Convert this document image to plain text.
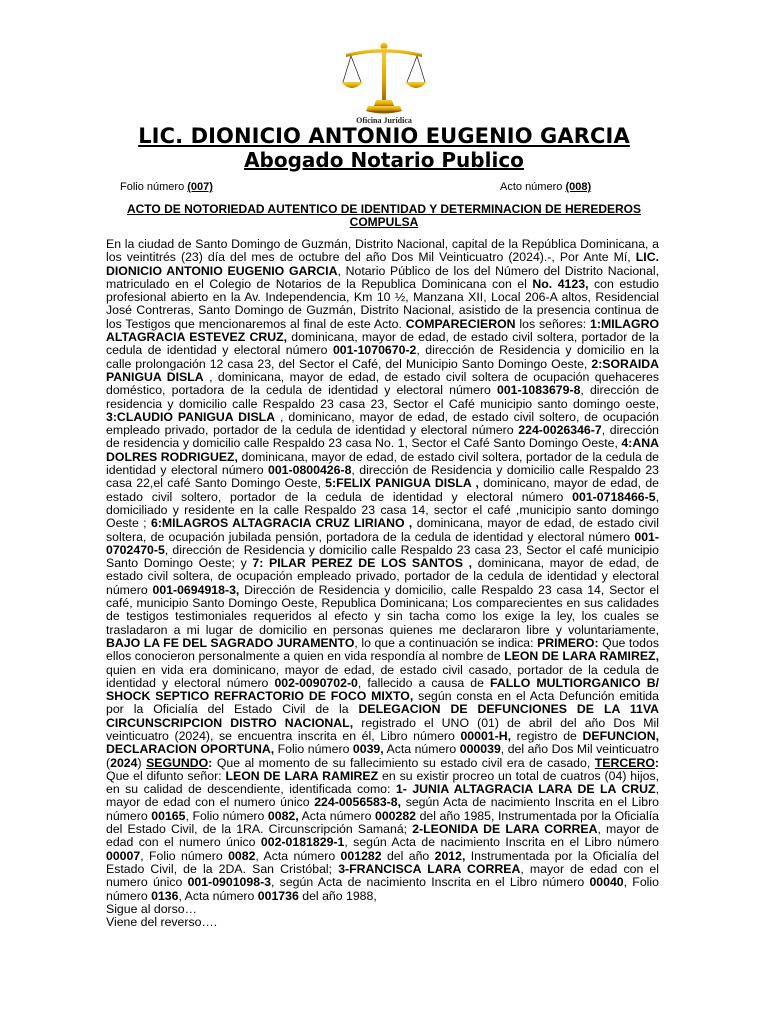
Oficina Jurídica
LIC. DIONICIO ANTONIO EUGENIO GARCIA
Abogado Notario Publico
Folio número (007)	Acto número (008)
ACTO DE NOTORIEDAD AUTENTICO DE IDENTIDAD Y DETERMINACION DE HEREDEROS COMPULSA
En la ciudad de Santo Domingo de Guzmán, Distrito Nacional, capital de la República Dominicana, a los veintitrés (23) día del mes de octubre del año Dos Mil Veinticuatro (2024).-, Por Ante Mí, LIC. DIONICIO ANTONIO EUGENIO GARCIA, Notario Público de los del Número del Distrito Nacional, matriculado en el Colegio de Notarios de la Republica Dominicana con el No. 4123, con estudio profesional abierto en la Av. Independencia, Km 10 ½, Manzana XII, Local 206-A altos, Residencial José Contreras, Santo Domingo de Guzmán, Distrito Nacional, asistido de la presencia continua de los Testigos que mencionaremos al final de este Acto. COMPARECIERON los señores: 1:MILAGRO ALTAGRACIA ESTEVEZ CRUZ, dominicana, mayor de edad, de estado civil soltera, portador de la cedula de identidad y electoral número 001-1070670-2, dirección de Residencia y domicilio en la calle prolongación 12 casa 23, del Sector el Café, del Municipio Santo Domingo Oeste, 2:SORAIDA PANIGUA DISLA , dominicana, mayor de edad, de estado civil soltera de ocupación quehaceres doméstico, portadora de la cedula de identidad y electoral número 001-1083679-8, dirección de residencia y domicilio calle Respaldo 23 casa 23, Sector el Café municipio santo domingo oeste, 3:CLAUDIO PANIGUA DISLA , dominicano, mayor de edad, de estado civil soltero, de ocupación empleado privado, portador de la cedula de identidad y electoral número 224-0026346-7, dirección de residencia y domicilio calle Respaldo 23 casa No. 1, Sector el Café Santo Domingo Oeste, 4:ANA DOLRES RODRIGUEZ, dominicana, mayor de edad, de estado civil soltera, portador de la cedula de identidad y electoral número 001-0800426-8, dirección de Residencia y domicilio calle Respaldo 23 casa 22,el café Santo Domingo Oeste, 5:FELIX PANIGUA DISLA , dominicano, mayor de edad, de estado civil soltero, portador de la cedula de identidad y electoral número 001-0718466-5, domiciliado y residente en la calle Respaldo 23 casa 14, sector el café ,municipio santo domingo Oeste ; 6:MILAGROS ALTAGRACIA CRUZ LIRIANO , dominicana, mayor de edad, de estado civil soltera, de ocupación jubilada pensión, portadora de la cedula de identidad y electoral número 001-0702470-5, dirección de Residencia y domicilio calle Respaldo 23 casa 23, Sector el café municipio Santo Domingo Oeste; y 7: PILAR PEREZ DE LOS SANTOS , dominicana, mayor de edad, de estado civil soltera, de ocupación empleado privado, portador de la cedula de identidad y electoral número 001-0694918-3, Dirección de Residencia y domicilio, calle Respaldo 23 casa 14, Sector el café, municipio Santo Domingo Oeste, Republica Dominicana; Los comparecientes en sus calidades de testigos testimoniales requeridos al efecto y sin tacha como los exige la ley, los cuales se trasladaron a mi lugar de domicilio en personas quienes me declararon libre y voluntariamente, BAJO LA FE DEL SAGRADO JURAMENTO, lo que a continuación se indica: PRIMERO: Que todos ellos conocieron personalmente a quien en vida respondía al nombre de LEON DE LARA RAMIREZ, quien en vida era dominicano, mayor de edad, de estado civil casado, portador de la cedula de identidad y electoral número 002-0090702-0, fallecido a causa de FALLO MULTIORGANICO B/ SHOCK SEPTICO REFRACTORIO DE FOCO MIXTO, según consta en el Acta Defunción emitida por la Oficialía del Estado Civil de la DELEGACION DE DEFUNCIONES DE LA 11VA CIRCUNSCRIPCION DISTRO NACIONAL, registrado el UNO (01) de abril del año Dos Mil veinticuatro (2024), se encuentra inscrita en él, Libro número 00001-H, registro de DEFUNCION, DECLARACION OPORTUNA, Folio número 0039, Acta número 000039, del año Dos Mil veinticuatro (2024) SEGUNDO: Que al momento de su fallecimiento su estado civil era de casado, TERCERO: Que el difunto señor: LEON DE LARA RAMIREZ en su existir procreo un total de cuatros (04) hijos, en su calidad de descendiente, identificada como: 1- JUNIA ALTAGRACIA LARA DE LA CRUZ, mayor de edad con el numero único 224-0056583-8, según Acta de nacimiento Inscrita en el Libro número 00165, Folio número 0082, Acta número 000282 del año 1985, Instrumentada por la Oficialía del Estado Civil, de la 1RA. Circunscripción Samaná; 2-LEONIDA DE LARA CORREA, mayor de edad con el numero único 002-0181829-1, según Acta de nacimiento Inscrita en el Libro número 00007, Folio número 0082, Acta número 001282 del año 2012, Instrumentada por la Oficialía del Estado Civil, de la 2DA. San Cristóbal; 3-FRANCISCA LARA CORREA, mayor de edad con el numero único 001-0901098-3, según Acta de nacimiento Inscrita en el Libro número 00040, Folio número 0136, Acta número 001736 del año 1988,
Sigue al dorso…
Viene del reverso….
